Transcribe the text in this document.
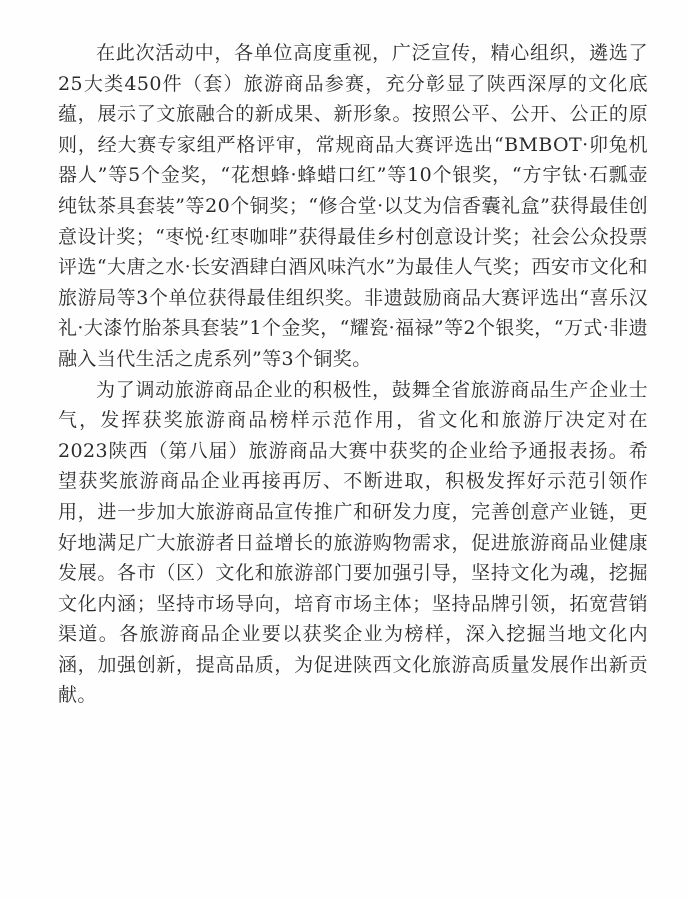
在此次活动中，各单位高度重视，广泛宣传，精心组织，遴选了25大类450件（套）旅游商品参赛，充分彰显了陕西深厚的文化底蕴，展示了文旅融合的新成果、新形象。按照公平、公开、公正的原则，经大赛专家组严格评审，常规商品大赛评选出“BMBOT·卯兔机器人”等5个金奖，“花想蜂·蜂蜡口红”等10个银奖，“方宇钛·石瓢壶纯钛茶具套装”等20个铜奖；“修合堂·以艾为信香囊礼盒”获得最佳创意设计奖；“枣悦·红枣咖啡”获得最佳乡村创意设计奖；社会公众投票评选“大唐之水·长安酒肆白酒风味汽水”为最佳人气奖；西安市文化和旅游局等3个单位获得最佳组织奖。非遗鼓励商品大赛评选出“喜乐汉礼·大漆竹胎茶具套装”1个金奖，“耀瓷·福禄”等2个银奖，“万式·非遗融入当代生活之虎系列”等3个铜奖。

为了调动旅游商品企业的积极性，鼓舞全省旅游商品生产企业士气，发挥获奖旅游商品榜样示范作用，省文化和旅游厅决定对在2023陕西（第八届）旅游商品大赛中获奖的企业给予通报表扬。希望获奖旅游商品企业再接再厉、不断进取，积极发挥好示范引领作用，进一步加大旅游商品宣传推广和研发力度，完善创意产业链，更好地满足广大旅游者日益增长的旅游购物需求，促进旅游商品业健康发展。各市（区）文化和旅游部门要加强引导，坚持文化为魂，挖掘文化内涵；坚持市场导向，培育市场主体；坚持品牌引领，拓宽营销渠道。各旅游商品企业要以获奖企业为榜样，深入挖掘当地文化内涵，加强创新，提高品质，为促进陕西文化旅游高质量发展作出新贡献。
